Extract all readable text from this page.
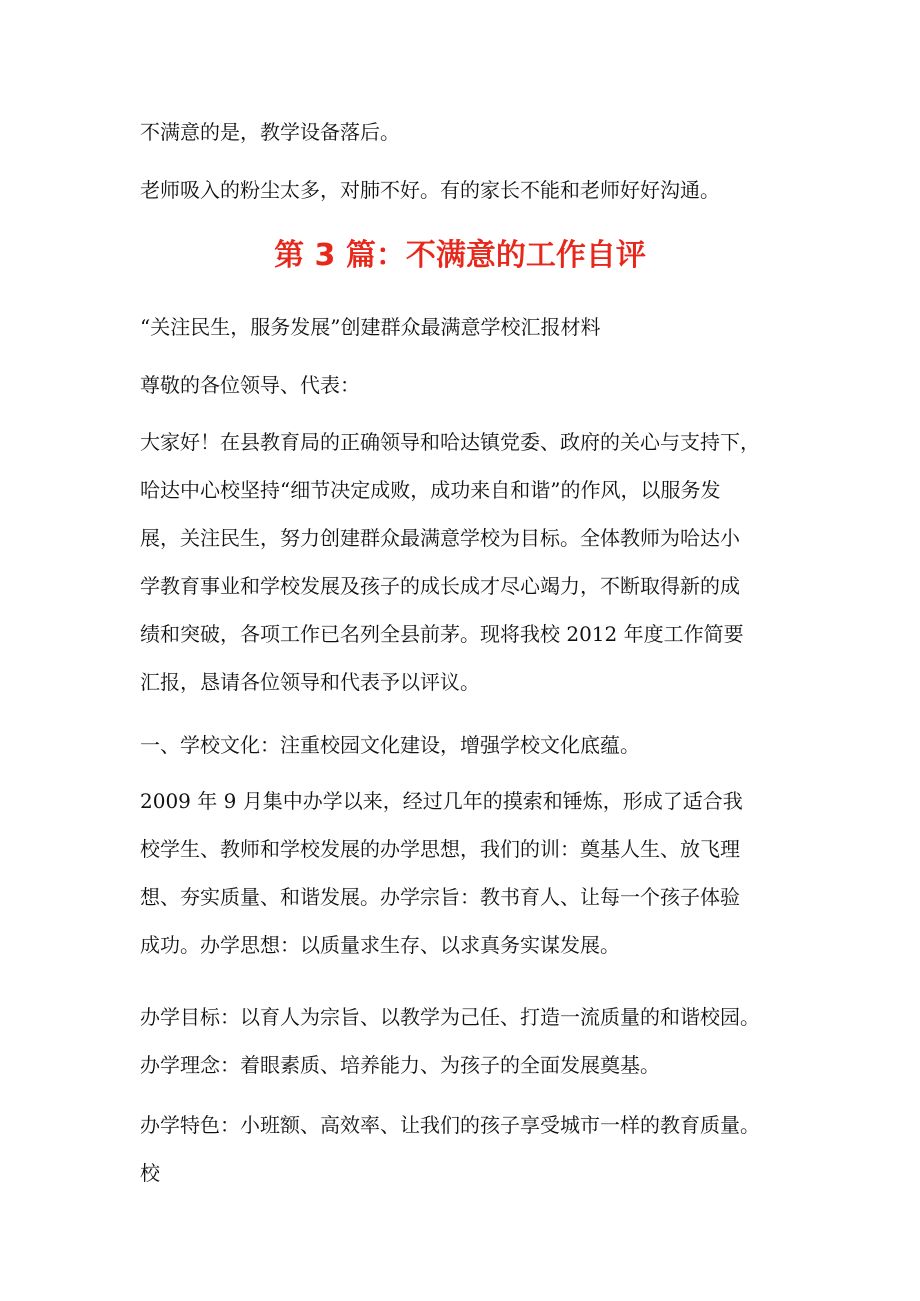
不满意的是，教学设备落后。

老师吸入的粉尘太多，对肺不好。有的家长不能和老师好好沟通。

第 3 篇：不满意的工作自评

“关注民生，服务发展”创建群众最满意学校汇报材料

尊敬的各位领导、代表：

大家好！在县教育局的正确领导和哈达镇党委、政府的关心与支持下，
哈达中心校坚持“细节决定成败，成功来自和谐”的作风，以服务发
展，关注民生，努力创建群众最满意学校为目标。全体教师为哈达小
学教育事业和学校发展及孩子的成长成才尽心竭力，不断取得新的成
绩和突破，各项工作已名列全县前茅。现将我校 2012 年度工作简要
汇报，恳请各位领导和代表予以评议。

一、学校文化：注重校园文化建设，增强学校文化底蕴。

2009 年 9 月集中办学以来，经过几年的摸索和锤炼，形成了适合我
校学生、教师和学校发展的办学思想，我们的训：奠基人生、放飞理
想、夯实质量、和谐发展。办学宗旨：教书育人、让每一个孩子体验
成功。办学思想：以质量求生存、以求真务实谋发展。
办学目标：以育人为宗旨、以教学为己任、打造一流质量的和谐校园。
办学理念：着眼素质、培养能力、为孩子的全面发展奠基。
办学特色：小班额、高效率、让我们的孩子享受城市一样的教育质量。
校
